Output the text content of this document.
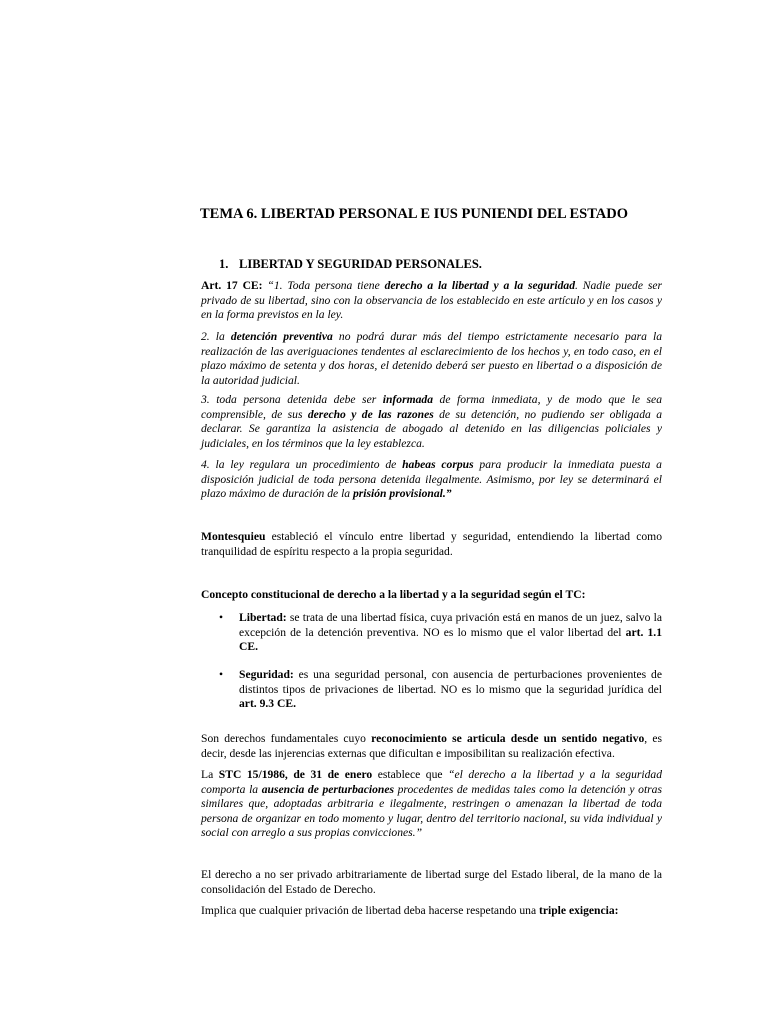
TEMA 6. LIBERTAD PERSONAL E IUS PUNIENDI DEL ESTADO
1. LIBERTAD Y SEGURIDAD PERSONALES.

Art. 17 CE: “1. Toda persona tiene derecho a la libertad y a la seguridad. Nadie puede ser privado de su libertad, sino con la observancia de los establecido en este artículo y en los casos y en la forma previstos en la ley.

2. la detención preventiva no podrá durar más del tiempo estrictamente necesario para la realización de las averiguaciones tendentes al esclarecimiento de los hechos y, en todo caso, en el plazo máximo de setenta y dos horas, el detenido deberá ser puesto en libertad o a disposición de la autoridad judicial.

3. toda persona detenida debe ser informada de forma inmediata, y de modo que le sea comprensible, de sus derecho y de las razones de su detención, no pudiendo ser obligada a declarar. Se garantiza la asistencia de abogado al detenido en las diligencias policiales y judiciales, en los términos que la ley establezca.

4. la ley regulara un procedimiento de habeas corpus para producir la inmediata puesta a disposición judicial de toda persona detenida ilegalmente. Asimismo, por ley se determinará el plazo máximo de duración de la prisión provisional.”

Montesquieu estableció el vínculo entre libertad y seguridad, entendiendo la libertad como tranquilidad de espíritu respecto a la propia seguridad.

Concepto constitucional de derecho a la libertad y a la seguridad según el TC:

• Libertad: se trata de una libertad física, cuya privación está en manos de un juez, salvo la excepción de la detención preventiva. NO es lo mismo que el valor libertad del art. 1.1 CE.
• Seguridad: es una seguridad personal, con ausencia de perturbaciones provenientes de distintos tipos de privaciones de libertad. NO es lo mismo que la seguridad jurídica del art. 9.3 CE.

Son derechos fundamentales cuyo reconocimiento se articula desde un sentido negativo, es decir, desde las injerencias externas que dificultan e imposibilitan su realización efectiva.

La STC 15/1986, de 31 de enero establece que “el derecho a la libertad y a la seguridad comporta la ausencia de perturbaciones procedentes de medidas tales como la detención y otras similares que, adoptadas arbitraria e ilegalmente, restringen o amenazan la libertad de toda persona de organizar en todo momento y lugar, dentro del territorio nacional, su vida individual y social con arreglo a sus propias convicciones.”

El derecho a no ser privado arbitrariamente de libertad surge del Estado liberal, de la mano de la consolidación del Estado de Derecho.

Implica que cualquier privación de libertad deba hacerse respetando una triple exigencia:
